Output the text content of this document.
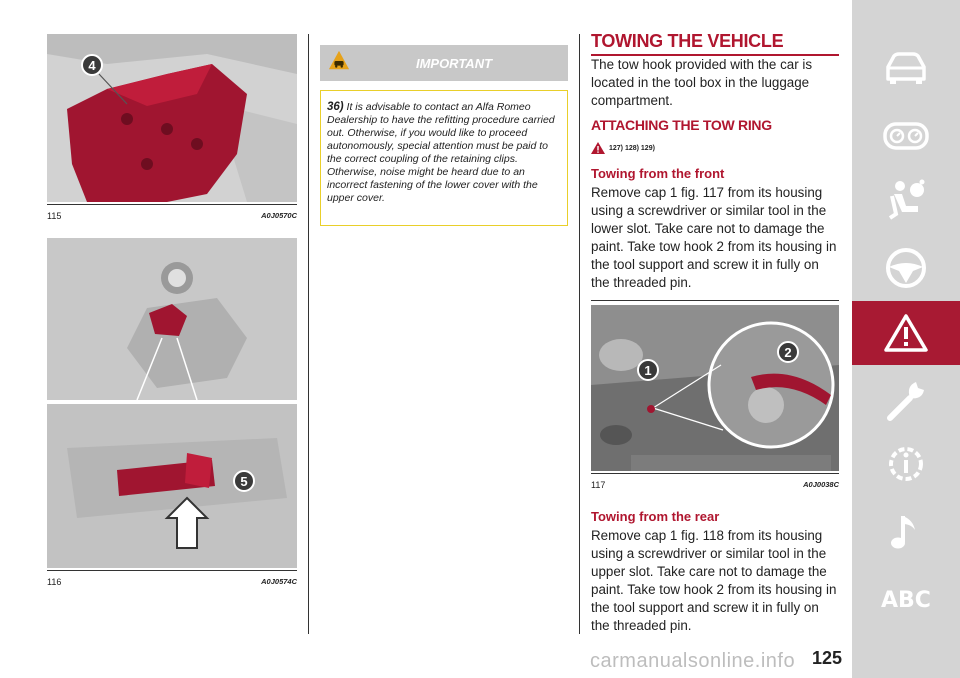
4
115	A0J0570C
5
116	A0J0574C
IMPORTANT
36) It is advisable to contact an Alfa Romeo Dealership to have the refitting procedure carried out. Otherwise, if you would like to proceed autonomously, special attention must be paid to the correct coupling of the retaining clips. Otherwise, noise might be heard due to an incorrect fastening of the lower cover with the upper cover.
TOWING THE VEHICLE
The tow hook provided with the car is located in the tool box in the luggage compartment.
ATTACHING THE TOW RING
127) 128) 129)
Towing from the front
Remove cap 1 fig. 117 from its housing using a screwdriver or similar tool in the lower slot. Take care not to damage the paint. Take tow hook 2 from its housing in the tool support and screw it in fully on the threaded pin.
1
2
117	A0J0038C
Towing from the rear
Remove cap 1 fig. 118 from its housing using a screwdriver or similar tool in the upper slot. Take care not to damage the paint. Take tow hook 2 from its housing in the tool support and screw it in fully on the threaded pin.
ABC
carmanualsonline.info 125
